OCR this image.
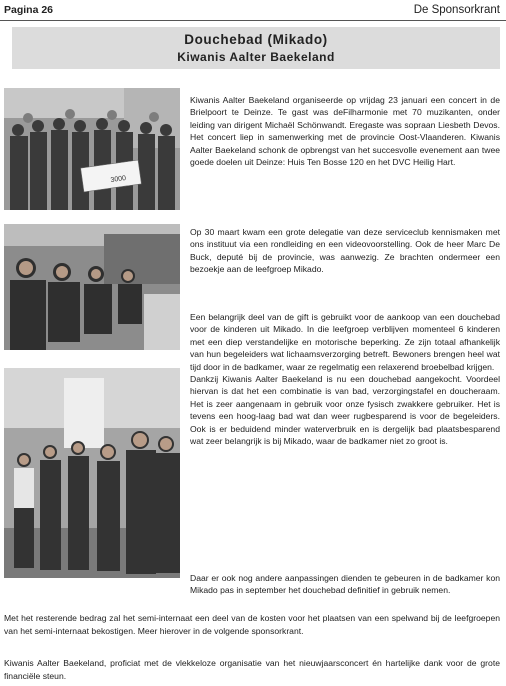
Pagina 26	De Sponsorkrant
Douchebad (Mikado)
Kiwanis Aalter Baekeland
3000

Kiwanis Aalter Baekeland organiseerde op vrijdag 23 januari een concert in de Brielpoort te Deinze. Te gast was deFilharmonie met 70 muzikanten, onder leiding van dirigent Michaël Schönwandt. Eregaste was sopraan Liesbeth Devos. Het concert liep in samenwerking met de provincie Oost-Vlaanderen. Kiwanis Aalter Baekeland schonk de opbrengst van het succesvolle evenement aan twee goede doelen uit Deinze: Huis Ten Bosse 120 en het DVC Heilig Hart.

Op 30 maart kwam een grote delegatie van deze serviceclub kennismaken met ons instituut via een rondleiding en een videovoorstelling. Ook de heer Marc De Buck, deputé bij de provincie, was aanwezig. Ze brachten ondermeer een bezoekje aan de leefgroep Mikado.

Een belangrijk deel van de gift is gebruikt voor de aankoop van een douchebad voor de kinderen uit Mikado. In die leefgroep verblijven momenteel 6 kinderen met een diep verstandelijke en motorische beperking. Ze zijn totaal afhankelijk van hun begeleiders wat lichaamsverzorging betreft. Bewoners brengen heel wat tijd door in de badkamer, waar ze regelmatig een relaxerend broebelbad krijgen.

Dankzij Kiwanis Aalter Baekeland is nu een douchebad aangekocht. Voordeel hiervan is dat het een combinatie is van bad, verzorgingstafel en doucheraam. Het is zeer aangenaam in gebruik voor onze fysisch zwakkere gebruiker. Het is tevens een hoog-laag bad wat dan weer rugbesparend is voor de begeleiders. Ook is er beduidend minder waterverbruik en is dergelijk bad plaatsbesparend wat zeer belangrijk is bij Mikado, waar de badkamer niet zo groot is.

Daar er ook nog andere aanpassingen dienden te gebeuren in de badkamer kon Mikado pas in september het douchebad definitief in gebruik nemen.

Met het resterende bedrag zal het semi-internaat een deel van de kosten voor het plaatsen van een spelwand bij de leefgroepen van het semi-internaat bekostigen. Meer hierover in de volgende sponsorkrant.

Kiwanis Aalter Baekeland, proficiat met de vlekkeloze organisatie van het nieuwjaarsconcert én hartelijke dank voor de grote financiële steun.
